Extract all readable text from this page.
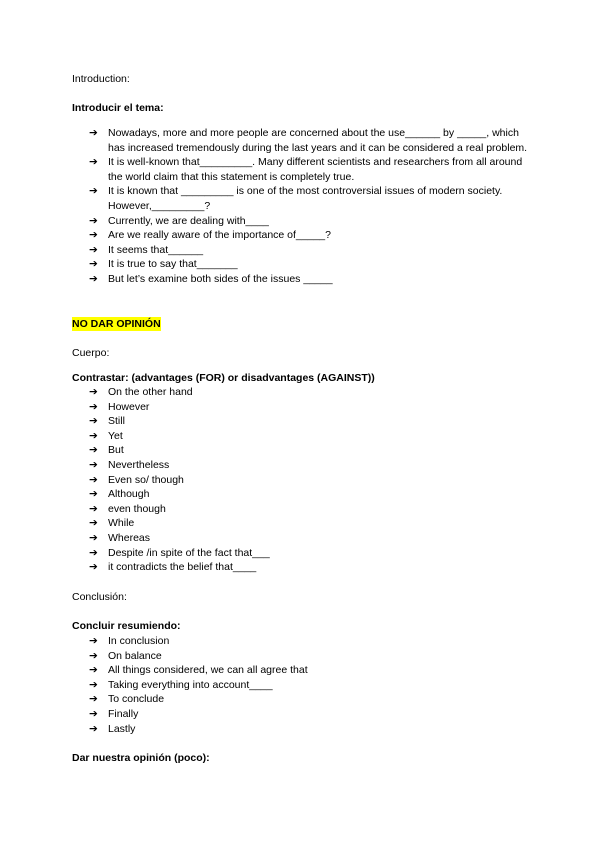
Introduction:

Introducir el tema:

➔ Nowadays, more and more people are concerned about the use______ by _____, which has increased tremendously during the last years and it can be considered a real problem.
➔ It is well-known that_________. Many different scientists and researchers from all around the world claim that this statement is completely true.
➔ It is known that _________ is one of the most controversial issues of modern society. However,_________?
➔ Currently, we are dealing with____
➔ Are we really aware of the importance of_____?
➔ It seems that______
➔ It is true to say that_______
➔ But let’s examine both sides of the issues _____

NO DAR OPINIÓN

Cuerpo:

Contrastar: (advantages (FOR) or disadvantages (AGAINST))

➔ On the other hand
➔ However
➔ Still
➔ Yet
➔ But
➔ Nevertheless
➔ Even so/ though
➔ Although
➔ even though
➔ While
➔ Whereas
➔ Despite /in spite of the fact that___
➔ it contradicts the belief that____

Conclusión:

Concluir resumiendo:

➔ In conclusion
➔ On balance
➔ All things considered, we can all agree that
➔ Taking everything into account____
➔ To conclude
➔ Finally
➔ Lastly

Dar nuestra opinión (poco):
